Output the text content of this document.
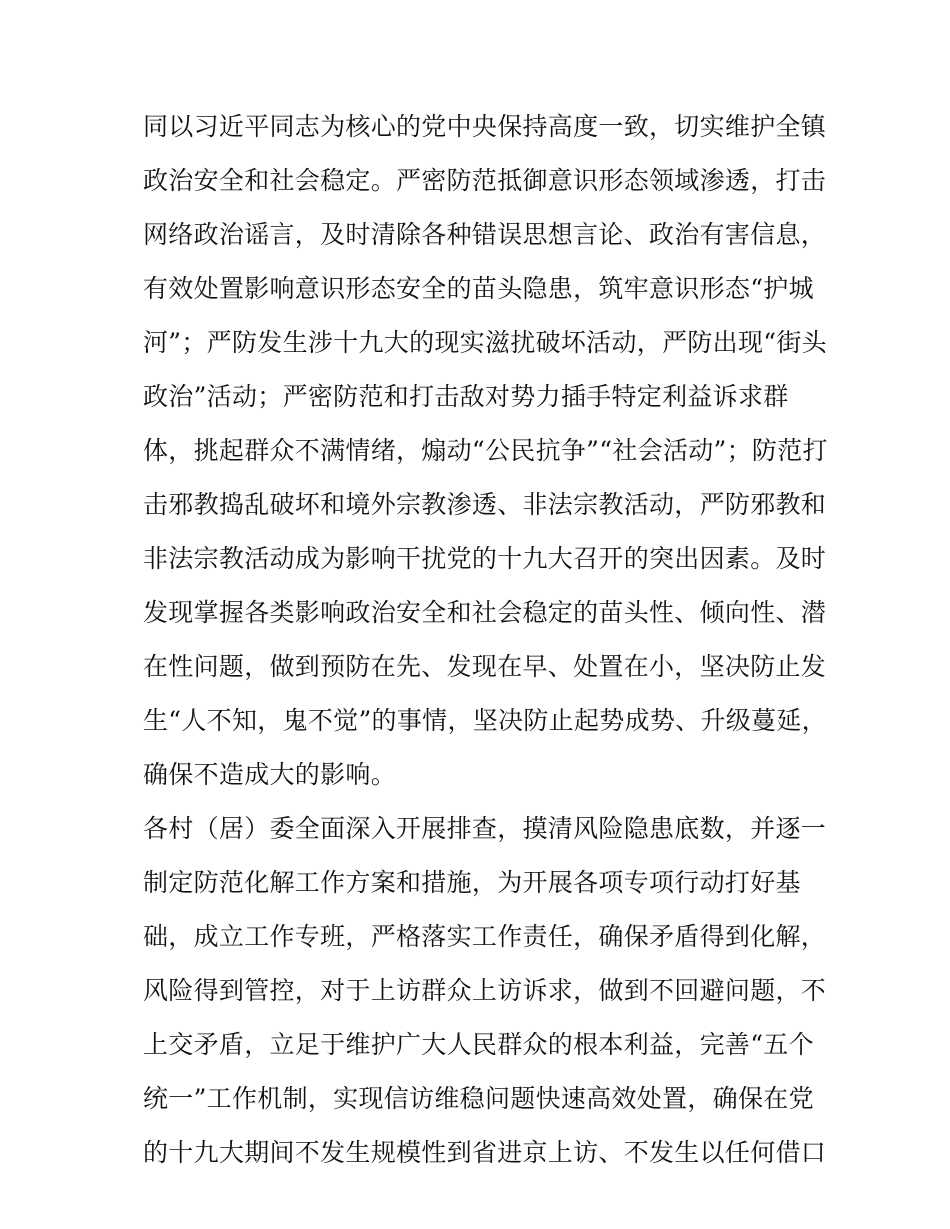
同以习近平同志为核心的党中央保持高度一致，切实维护全镇
政治安全和社会稳定。严密防范抵御意识形态领域渗透，打击
网络政治谣言，及时清除各种错误思想言论、政治有害信息，
有效处置影响意识形态安全的苗头隐患，筑牢意识形态“护城
河”；严防发生涉十九大的现实滋扰破坏活动，严防出现“街头
政治”活动；严密防范和打击敌对势力插手特定利益诉求群
体，挑起群众不满情绪，煽动“公民抗争”“社会活动”；防范打
击邪教捣乱破坏和境外宗教渗透、非法宗教活动，严防邪教和
非法宗教活动成为影响干扰党的十九大召开的突出因素。及时
发现掌握各类影响政治安全和社会稳定的苗头性、倾向性、潜
在性问题，做到预防在先、发现在早、处置在小，坚决防止发
生“人不知，鬼不觉”的事情，坚决防止起势成势、升级蔓延，
确保不造成大的影响。
各村（居）委全面深入开展排查，摸清风险隐患底数，并逐一
制定防范化解工作方案和措施，为开展各项专项行动打好基
础，成立工作专班，严格落实工作责任，确保矛盾得到化解，
风险得到管控，对于上访群众上访诉求，做到不回避问题，不
上交矛盾，立足于维护广大人民群众的根本利益，完善“五个
统一”工作机制，实现信访维稳问题快速高效处置，确保在党
的十九大期间不发生规模性到省进京上访、不发生以任何借口
